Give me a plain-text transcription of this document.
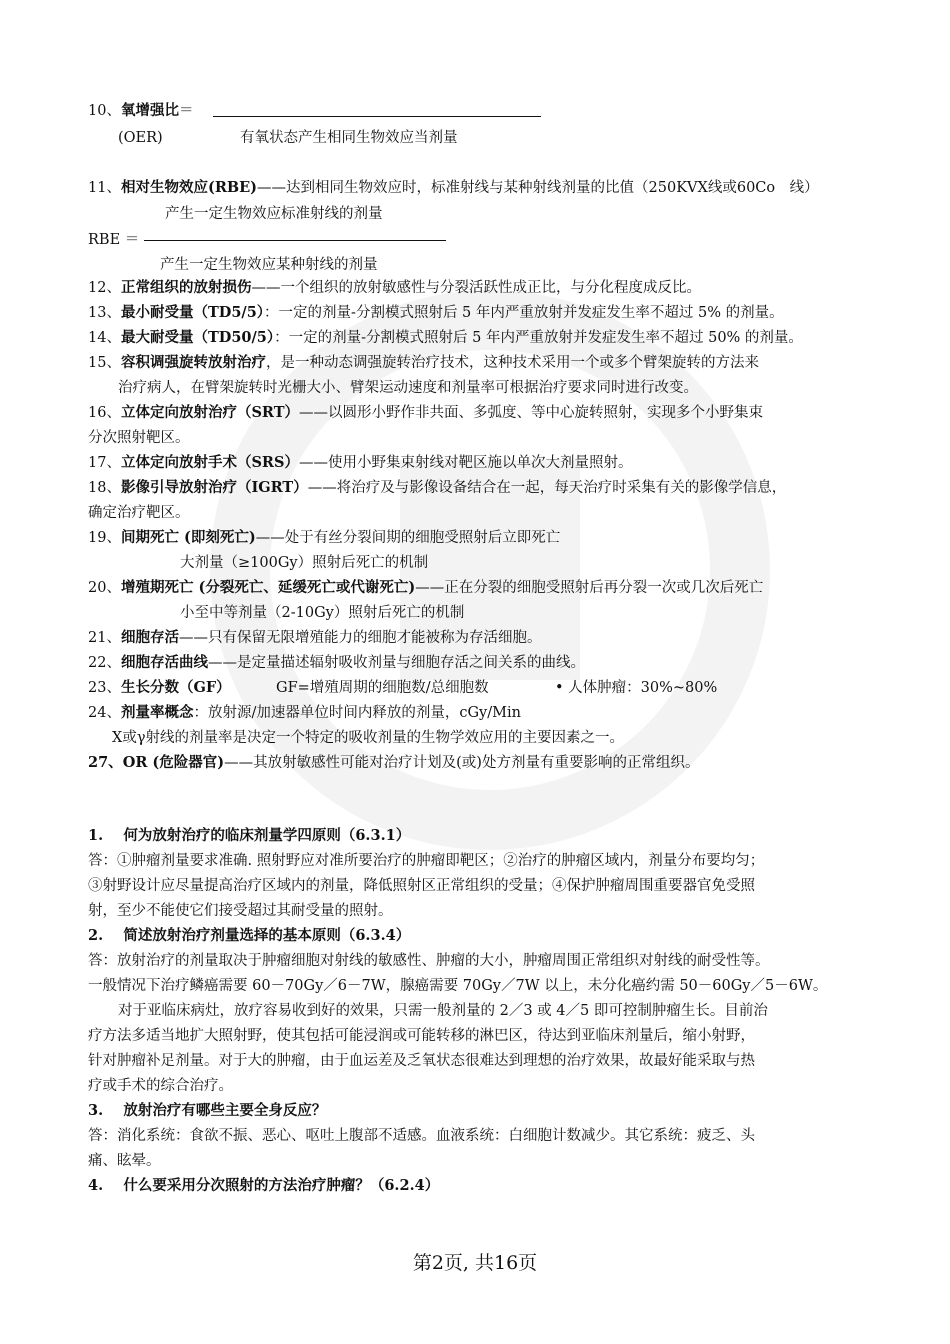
10、氧增强比＝
(OER)	有氧状态产生相同生物效应当剂量
11、相对生物效应(RBE)——达到相同生物效应时，标准射线与某种射线剂量的比值（250KVX线或60Co　线）
产生一定生物效应标准射线的剂量
RBE ＝
产生一定生物效应某种射线的剂量
12、正常组织的放射损伤——一个组织的放射敏感性与分裂活跃性成正比，与分化程度成反比。
13、最小耐受量（TD5/5）：一定的剂量-分割模式照射后 5 年内严重放射并发症发生率不超过 5% 的剂量。
14、最大耐受量（TD50/5）：一定的剂量-分割模式照射后 5 年内严重放射并发症发生率不超过 50% 的剂量。
15、容积调强旋转放射治疗，是一种动态调强旋转治疗技术，这种技术采用一个或多个臂架旋转的方法来
治疗病人，在臂架旋转时光栅大小、臂架运动速度和剂量率可根据治疗要求同时进行改变。
16、立体定向放射治疗（SRT）——以圆形小野作非共面、多弧度、等中心旋转照射，实现多个小野集束
分次照射靶区。
17、立体定向放射手术（SRS）——使用小野集束射线对靶区施以单次大剂量照射。
18、影像引导放射治疗（IGRT）——将治疗及与影像设备结合在一起，每天治疗时采集有关的影像学信息，
确定治疗靶区。
19、间期死亡 (即刻死亡)——处于有丝分裂间期的细胞受照射后立即死亡
大剂量（≥100Gy）照射后死亡的机制
20、增殖期死亡 (分裂死亡、延缓死亡或代谢死亡)——正在分裂的细胞受照射后再分裂一次或几次后死亡
小至中等剂量（2-10Gy）照射后死亡的机制
21、细胞存活——只有保留无限增殖能力的细胞才能被称为存活细胞。
22、细胞存活曲线——是定量描述辐射吸收剂量与细胞存活之间关系的曲线。
23、生长分数（GF）	GF=增殖周期的细胞数/总细胞数	• 人体肿瘤：30%~80%
24、剂量率概念：放射源/加速器单位时间内释放的剂量，cGy/Min
X或γ射线的剂量率是决定一个特定的吸收剂量的生物学效应用的主要因素之一。
27、OR (危险器官)——其放射敏感性可能对治疗计划及(或)处方剂量有重要影响的正常组织。
1. 何为放射治疗的临床剂量学四原则（6.3.1）
答：①肿瘤剂量要求准确. 照射野应对准所要治疗的肿瘤即靶区；②治疗的肿瘤区域内，剂量分布要均匀；
③射野设计应尽量提高治疗区域内的剂量，降低照射区正常组织的受量；④保护肿瘤周围重要器官免受照
射，至少不能使它们接受超过其耐受量的照射。
2. 简述放射治疗剂量选择的基本原则（6.3.4）
答：放射治疗的剂量取决于肿瘤细胞对射线的敏感性、肿瘤的大小，肿瘤周围正常组织对射线的耐受性等。
一般情况下治疗鳞癌需要 60－70Gy／6－7W，腺癌需要 70Gy／7W 以上，未分化癌约需 50－60Gy／5－6W。
对于亚临床病灶，放疗容易收到好的效果，只需一般剂量的 2／3 或 4／5 即可控制肿瘤生长。目前治
疗方法多适当地扩大照射野，使其包括可能浸润或可能转移的淋巴区，待达到亚临床剂量后，缩小射野，
针对肿瘤补足剂量。对于大的肿瘤，由于血运差及乏氧状态很难达到理想的治疗效果，故最好能采取与热
疗或手术的综合治疗。
3. 放射治疗有哪些主要全身反应？
答：消化系统：食欲不振、恶心、呕吐上腹部不适感。血液系统：白细胞计数减少。其它系统：疲乏、头
痛、眩晕。
4. 什么要采用分次照射的方法治疗肿瘤？（6.2.4）
第2页, 共16页
